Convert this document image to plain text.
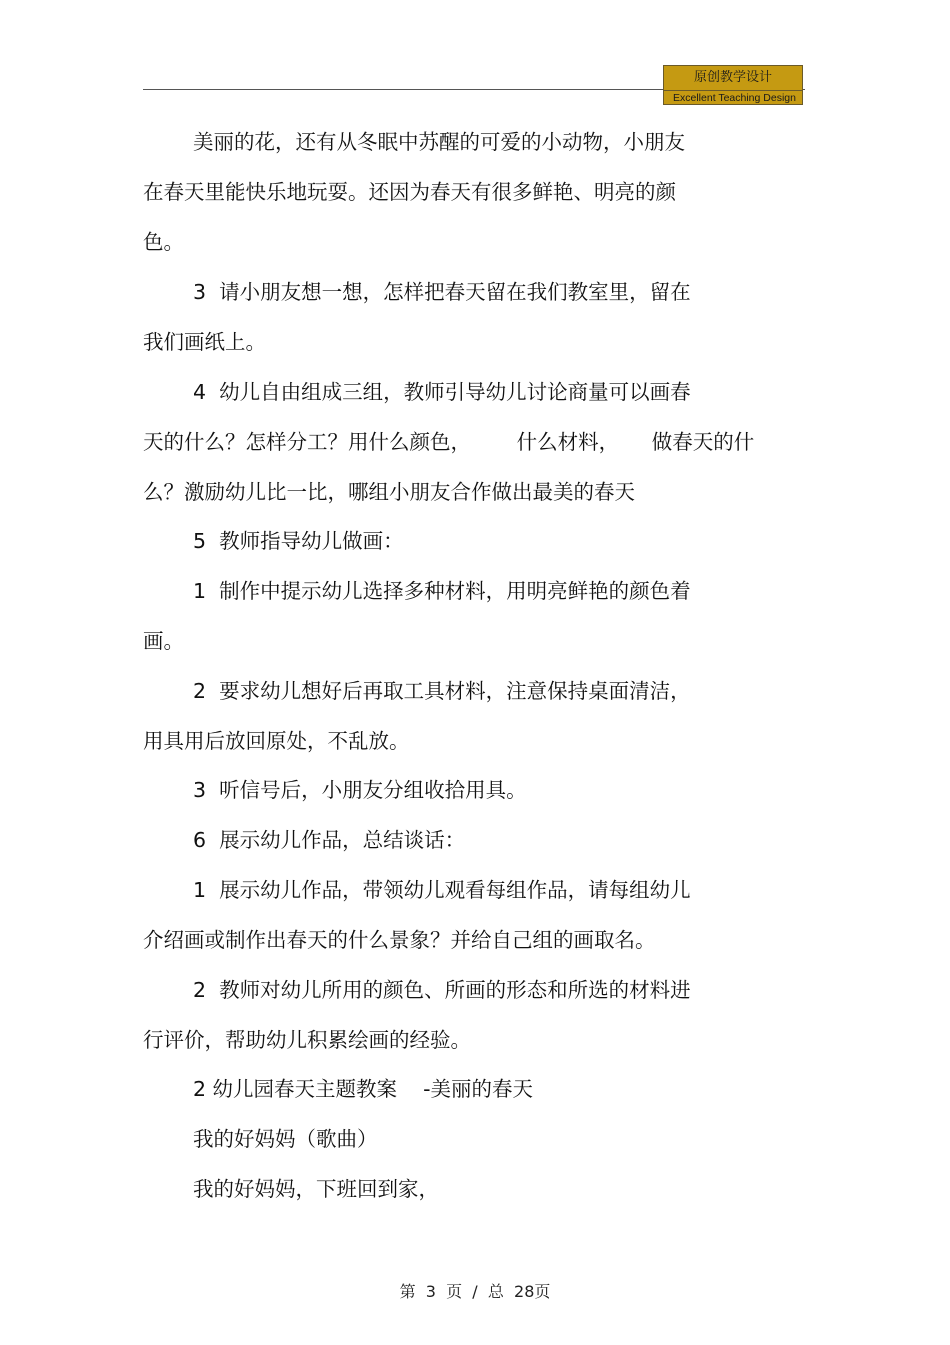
原创教学设计
Excellent Teaching Design
美丽的花，还有从冬眠中苏醒的可爱的小动物，小朋友
在春天里能快乐地玩耍。还因为春天有很多鲜艳、明亮的颜
色。
3  请小朋友想一想，怎样把春天留在我们教室里，留在
我们画纸上。
4  幼儿自由组成三组，教师引导幼儿讨论商量可以画春
天的什么？怎样分工？用什么颜色，       什么材料，     做春天的什
么？激励幼儿比一比，哪组小朋友合作做出最美的春天
5  教师指导幼儿做画：
1  制作中提示幼儿选择多种材料，用明亮鲜艳的颜色着
画。
2  要求幼儿想好后再取工具材料，注意保持桌面清洁，
用具用后放回原处，不乱放。
3  听信号后，小朋友分组收拾用具。
6  展示幼儿作品，总结谈话：
1  展示幼儿作品，带领幼儿观看每组作品，请每组幼儿
介绍画或制作出春天的什么景象？并给自己组的画取名。
2  教师对幼儿所用的颜色、所画的形态和所选的材料进
行评价，帮助幼儿积累绘画的经验。
2 幼儿园春天主题教案    -美丽的春天
我的好妈妈（歌曲）
我的好妈妈，下班回到家，
第  3  页  /  总  28页
